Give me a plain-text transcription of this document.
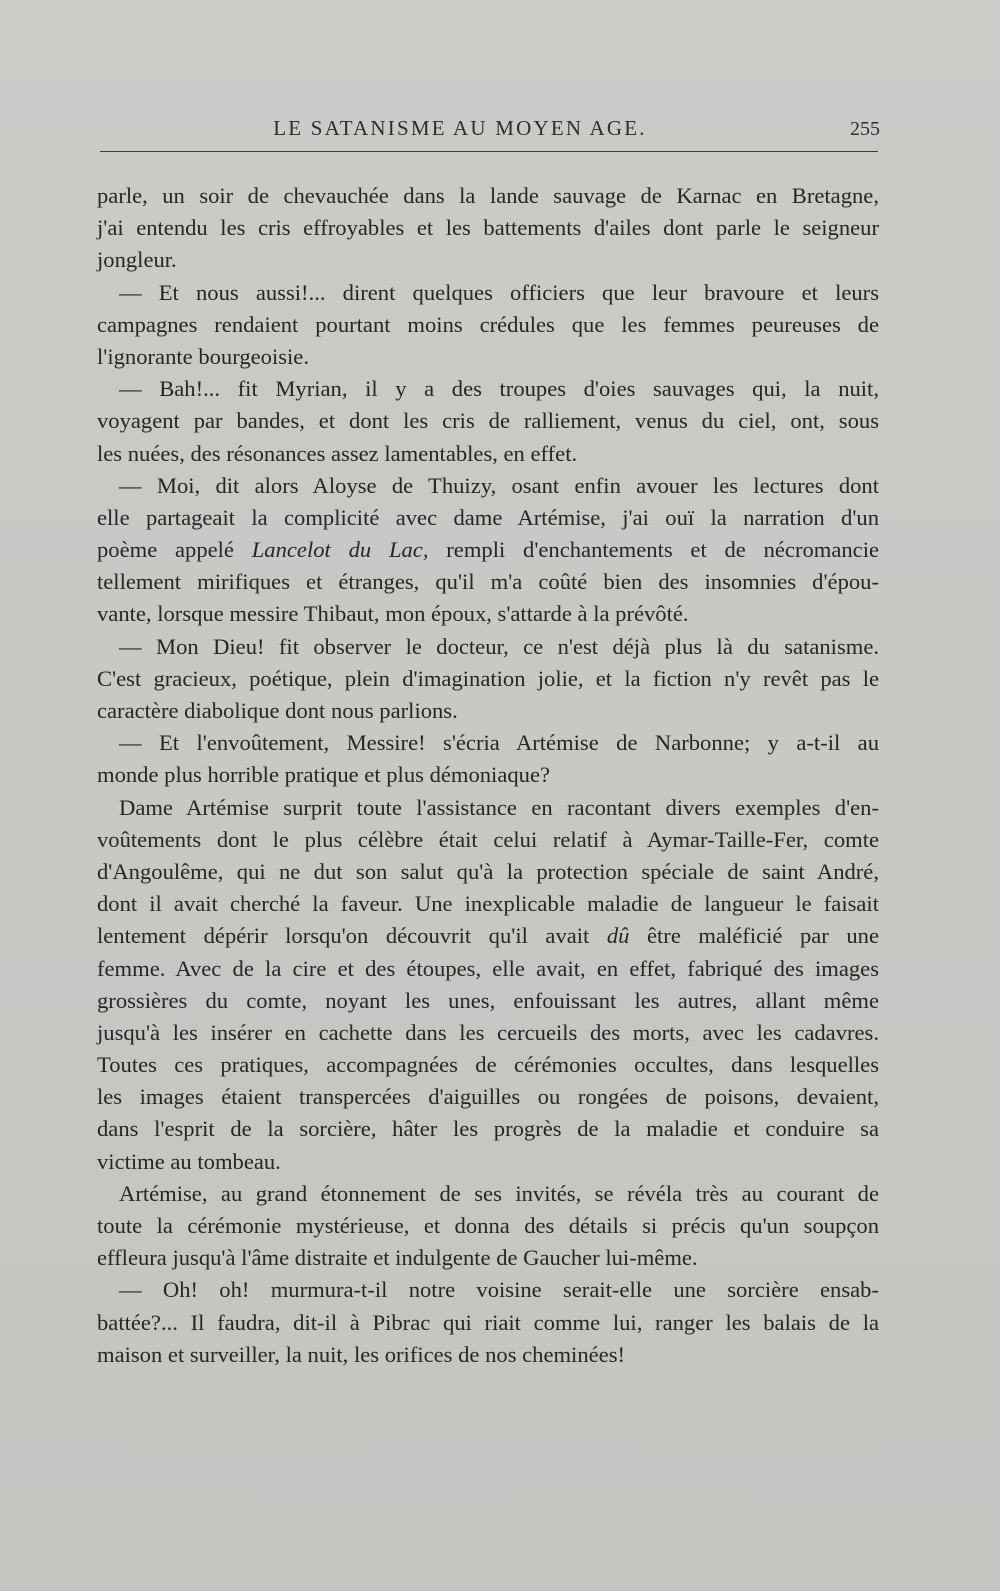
LE SATANISME AU MOYEN AGE.	255
parle, un soir de chevauchée dans la lande sauvage de Karnac en Bretagne,
j'ai entendu les cris effroyables et les battements d'ailes dont parle le seigneur
jongleur.
— Et nous aussi!... dirent quelques officiers que leur bravoure et leurs
campagnes rendaient pourtant moins crédules que les femmes peureuses de
l'ignorante bourgeoisie.
— Bah!... fit Myrian, il y a des troupes d'oies sauvages qui, la nuit,
voyagent par bandes, et dont les cris de ralliement, venus du ciel, ont, sous
les nuées, des résonances assez lamentables, en effet.
— Moi, dit alors Aloyse de Thuizy, osant enfin avouer les lectures dont
elle partageait la complicité avec dame Artémise, j'ai ouï la narration d'un
poème appelé Lancelot du Lac, rempli d'enchantements et de nécromancie
tellement mirifiques et étranges, qu'il m'a coûté bien des insomnies d'épou-
vante, lorsque messire Thibaut, mon époux, s'attarde à la prévôté.
— Mon Dieu! fit observer le docteur, ce n'est déjà plus là du satanisme.
C'est gracieux, poétique, plein d'imagination jolie, et la fiction n'y revêt pas le
caractère diabolique dont nous parlions.
— Et l'envoûtement, Messire! s'écria Artémise de Narbonne; y a-t-il au
monde plus horrible pratique et plus démoniaque?
Dame Artémise surprit toute l'assistance en racontant divers exemples d'en-
voûtements dont le plus célèbre était celui relatif à Aymar-Taille-Fer, comte
d'Angoulême, qui ne dut son salut qu'à la protection spéciale de saint André,
dont il avait cherché la faveur. Une inexplicable maladie de langueur le faisait
lentement dépérir lorsqu'on découvrit qu'il avait dû être maléficié par une
femme. Avec de la cire et des étoupes, elle avait, en effet, fabriqué des images
grossières du comte, noyant les unes, enfouissant les autres, allant même
jusqu'à les insérer en cachette dans les cercueils des morts, avec les cadavres.
Toutes ces pratiques, accompagnées de cérémonies occultes, dans lesquelles
les images étaient transpercées d'aiguilles ou rongées de poisons, devaient,
dans l'esprit de la sorcière, hâter les progrès de la maladie et conduire sa
victime au tombeau.
Artémise, au grand étonnement de ses invités, se révéla très au courant de
toute la cérémonie mystérieuse, et donna des détails si précis qu'un soupçon
effleura jusqu'à l'âme distraite et indulgente de Gaucher lui-même.
— Oh! oh! murmura-t-il notre voisine serait-elle une sorcière ensab-
battée?... Il faudra, dit-il à Pibrac qui riait comme lui, ranger les balais de la
maison et surveiller, la nuit, les orifices de nos cheminées!
